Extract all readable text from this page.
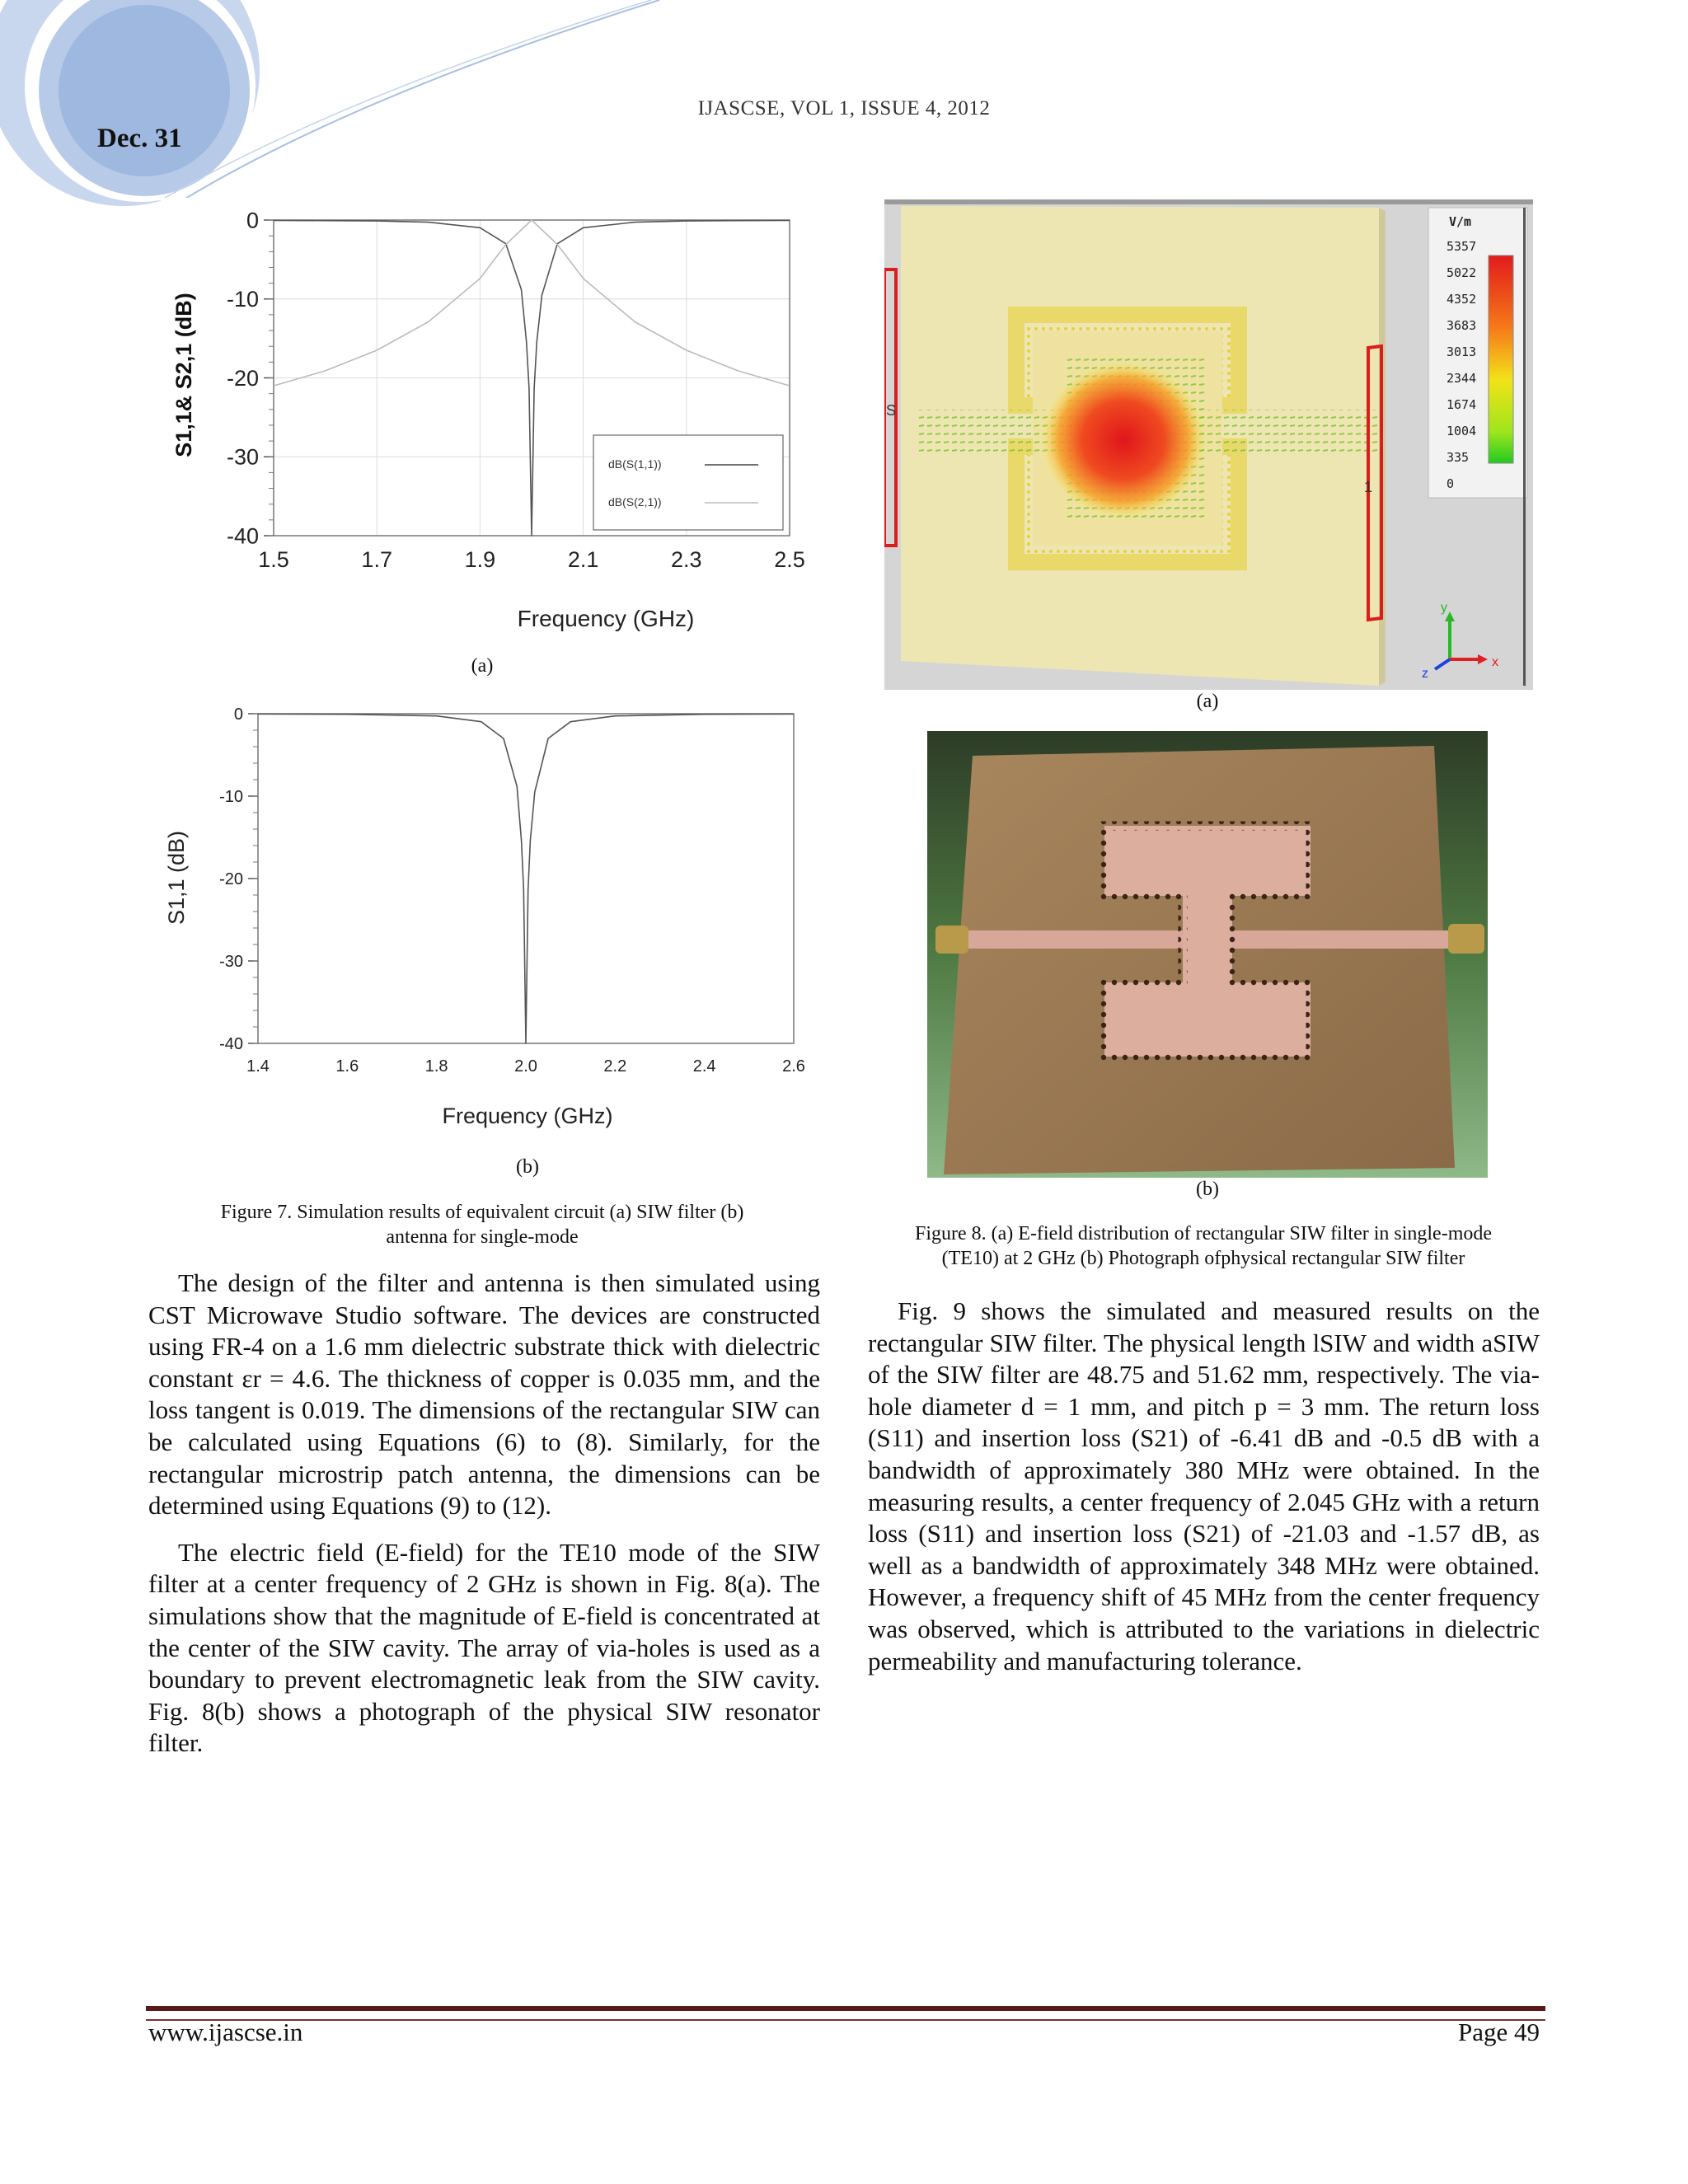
Dec. 31
IJASCSE, VOL 1, ISSUE 4, 2012
1.5	1.7	1.9	2.1	2.3	2.5
0
-10
-20
-30
-40
dB(S(1,1))
dB(S(2,1))
Frequency (GHz)
S1,1& S2,1 (dB)
(a)
1.4	1.6	1.8	2.0	2.2	2.4	2.6
0
-10
-20
-30
-40
Frequency (GHz)
S1,1 (dB)
(b)
Figure 7. Simulation results of equivalent circuit (a) SIW filter (b)
antenna for single-mode
S
1
V/m
5357
5022
4352
3683
3013
2344
1674
1004
335
0
y
x
z
(a)
(b)
Figure 8. (a) E-field distribution of rectangular SIW filter in single-mode
(TE10) at 2 GHz (b) Photograph ofphysical rectangular SIW filter

The design of the filter and antenna is then simulated using CST Microwave Studio software. The devices are constructed using FR-4 on a 1.6 mm dielectric substrate thick with dielectric constant εr = 4.6. The thickness of copper is 0.035 mm, and the loss tangent is 0.019. The dimensions of the rectangular SIW can be calculated using Equations (6) to (8). Similarly, for the rectangular microstrip patch antenna, the dimensions can be determined using Equations (9) to (12).

The electric field (E-field) for the TE10 mode of the SIW filter at a center frequency of 2 GHz is shown in Fig. 8(a). The simulations show that the magnitude of E-field is concentrated at the center of the SIW cavity. The array of via-holes is used as a boundary to prevent electromagnetic leak from the SIW cavity. Fig. 8(b) shows a photograph of the physical SIW resonator filter.

Fig. 9 shows the simulated and measured results on the rectangular SIW filter. The physical length lSIW and width aSIW of the SIW filter are 48.75 and 51.62 mm, respectively. The via-hole diameter d = 1 mm, and pitch p = 3 mm. The return loss (S11) and insertion loss (S21) of -6.41 dB and -0.5 dB with a bandwidth of approximately 380 MHz were obtained. In the measuring results, a center frequency of 2.045 GHz with a return loss (S11) and insertion loss (S21) of -21.03 and -1.57 dB, as well as a bandwidth of approximately 348 MHz were obtained. However, a frequency shift of 45 MHz from the center frequency was observed, which is attributed to the variations in dielectric permeability and manufacturing tolerance.

www.ijascse.in	Page 49
